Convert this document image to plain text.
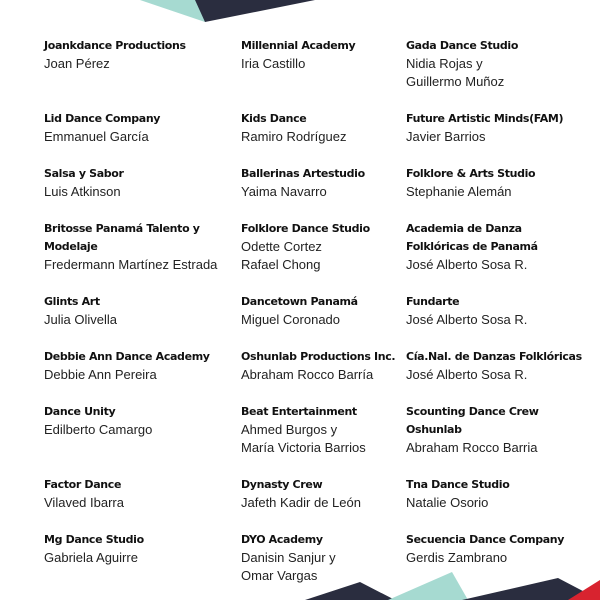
Joankdance Productions
Joan Pérez
Lid Dance Company
Emmanuel García
Salsa y Sabor
Luis Atkinson
Britosse Panamá Talento y
Modelaje
Fredermann Martínez Estrada
Glints Art
Julia Olivella
Debbie Ann Dance Academy
Debbie Ann Pereira
Dance Unity
Edilberto Camargo
Factor Dance
Vilaved Ibarra
Mg Dance Studio
Gabriela Aguirre
Millennial Academy
Iria Castillo
Kids Dance
Ramiro Rodríguez
Ballerinas Artestudio
Yaima Navarro
Folklore Dance Studio
Odette Cortez
Rafael Chong
Dancetown Panamá
Miguel Coronado
Oshunlab Productions Inc.
Abraham Rocco Barría
Beat Entertainment
Ahmed Burgos y
María Victoria Barrios
Dynasty Crew
Jafeth Kadir de León
DYO Academy
Danisin Sanjur y
Omar Vargas
Gada Dance Studio
Nidia Rojas y
Guillermo Muñoz
Future Artistic Minds(FAM)
Javier Barrios
Folklore & Arts Studio
Stephanie Alemán
Academia de Danza
Folklóricas de Panamá
José Alberto Sosa R.
Fundarte
José Alberto Sosa R.
Cía.Nal. de Danzas Folklóricas
José Alberto Sosa R.
Scounting Dance Crew
Oshunlab
Abraham Rocco Barria
Tna Dance Studio
Natalie Osorio
Secuencia Dance Company
Gerdis Zambrano
